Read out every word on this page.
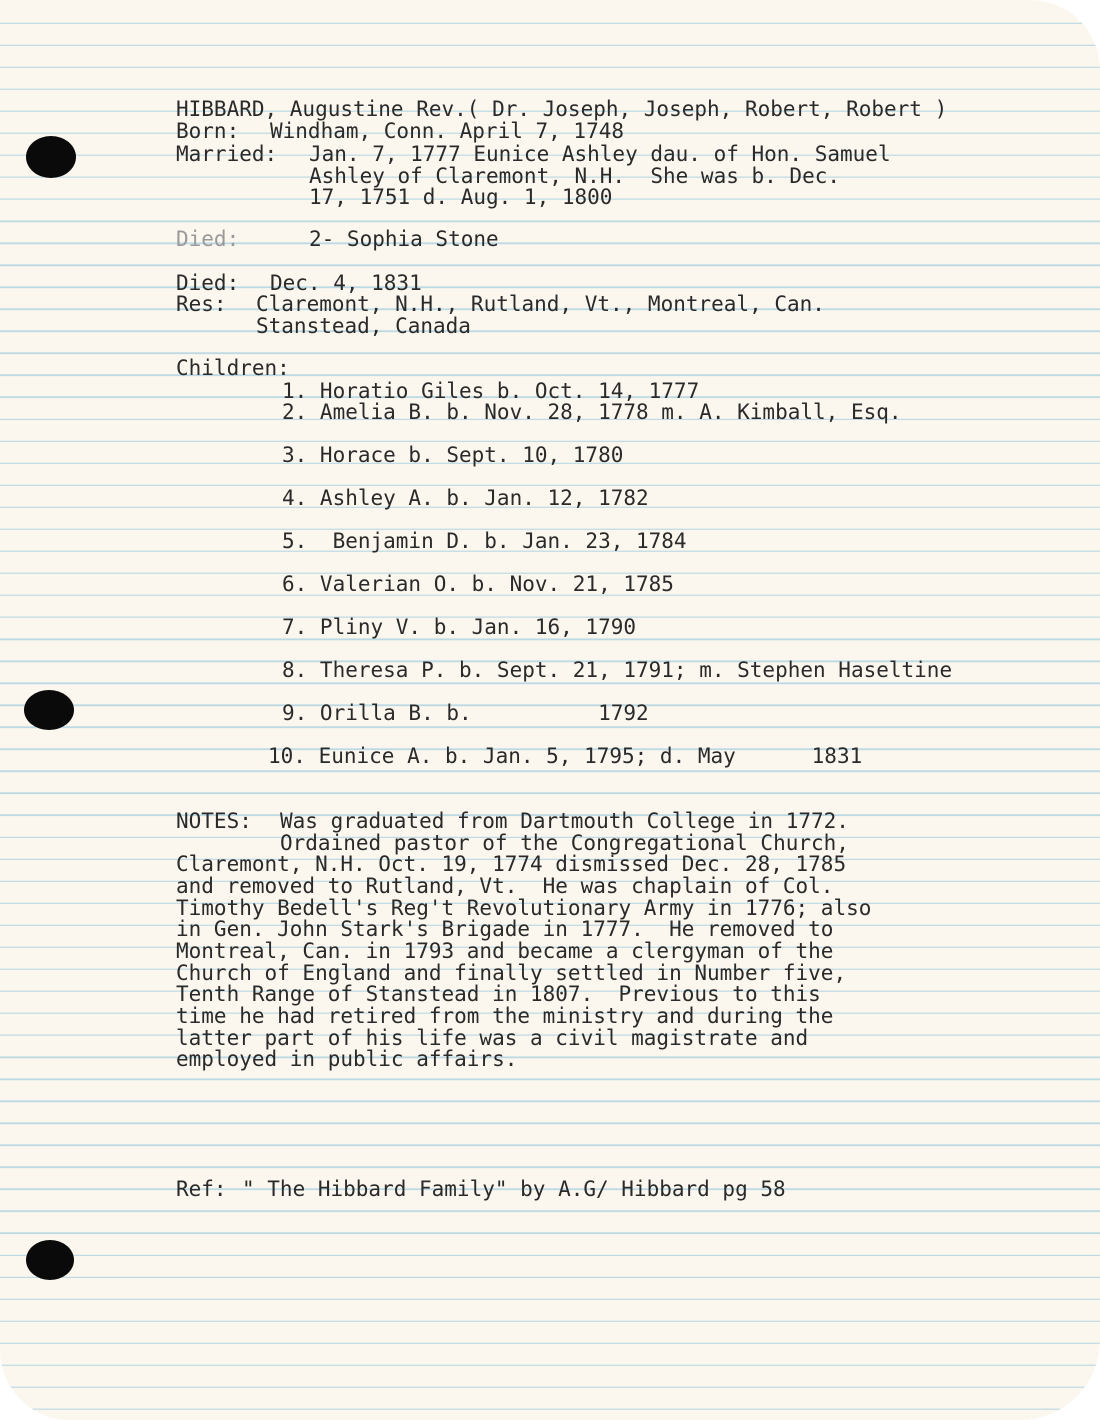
HIBBARD, Augustine Rev.( Dr. Joseph, Joseph, Robert, Robert )
Born: Windham, Conn. April 7, 1748
Married: Jan. 7, 1777 Eunice Ashley dau. of Hon. Samuel
Ashley of Claremont, N.H.  She was b. Dec.
17, 1751 d. Aug. 1, 1800
Died:	2- Sophia Stone
Died: Dec. 4, 1831
Res: Claremont, N.H., Rutland, Vt., Montreal, Can.
Stanstead, Canada
Children:
1. Horatio Giles b. Oct. 14, 1777
2. Amelia B. b. Nov. 28, 1778 m. A. Kimball, Esq.
3. Horace b. Sept. 10, 1780
4. Ashley A. b. Jan. 12, 1782
5.  Benjamin D. b. Jan. 23, 1784
6. Valerian O. b. Nov. 21, 1785
7. Pliny V. b. Jan. 16, 1790
8. Theresa P. b. Sept. 21, 1791; m. Stephen Haseltine
9. Orilla B. b.          1792
10. Eunice A. b. Jan. 5, 1795; d. May      1831
NOTES: Was graduated from Dartmouth College in 1772.
Ordained pastor of the Congregational Church,
Claremont, N.H. Oct. 19, 1774 dismissed Dec. 28, 1785
and removed to Rutland, Vt.  He was chaplain of Col.
Timothy Bedell's Reg't Revolutionary Army in 1776; also
in Gen. John Stark's Brigade in 1777.  He removed to
Montreal, Can. in 1793 and became a clergyman of the
Church of England and finally settled in Number five,
Tenth Range of Stanstead in 1807.  Previous to this
time he had retired from the ministry and during the
latter part of his life was a civil magistrate and
employed in public affairs.
Ref: " The Hibbard Family" by A.G/ Hibbard pg 58
